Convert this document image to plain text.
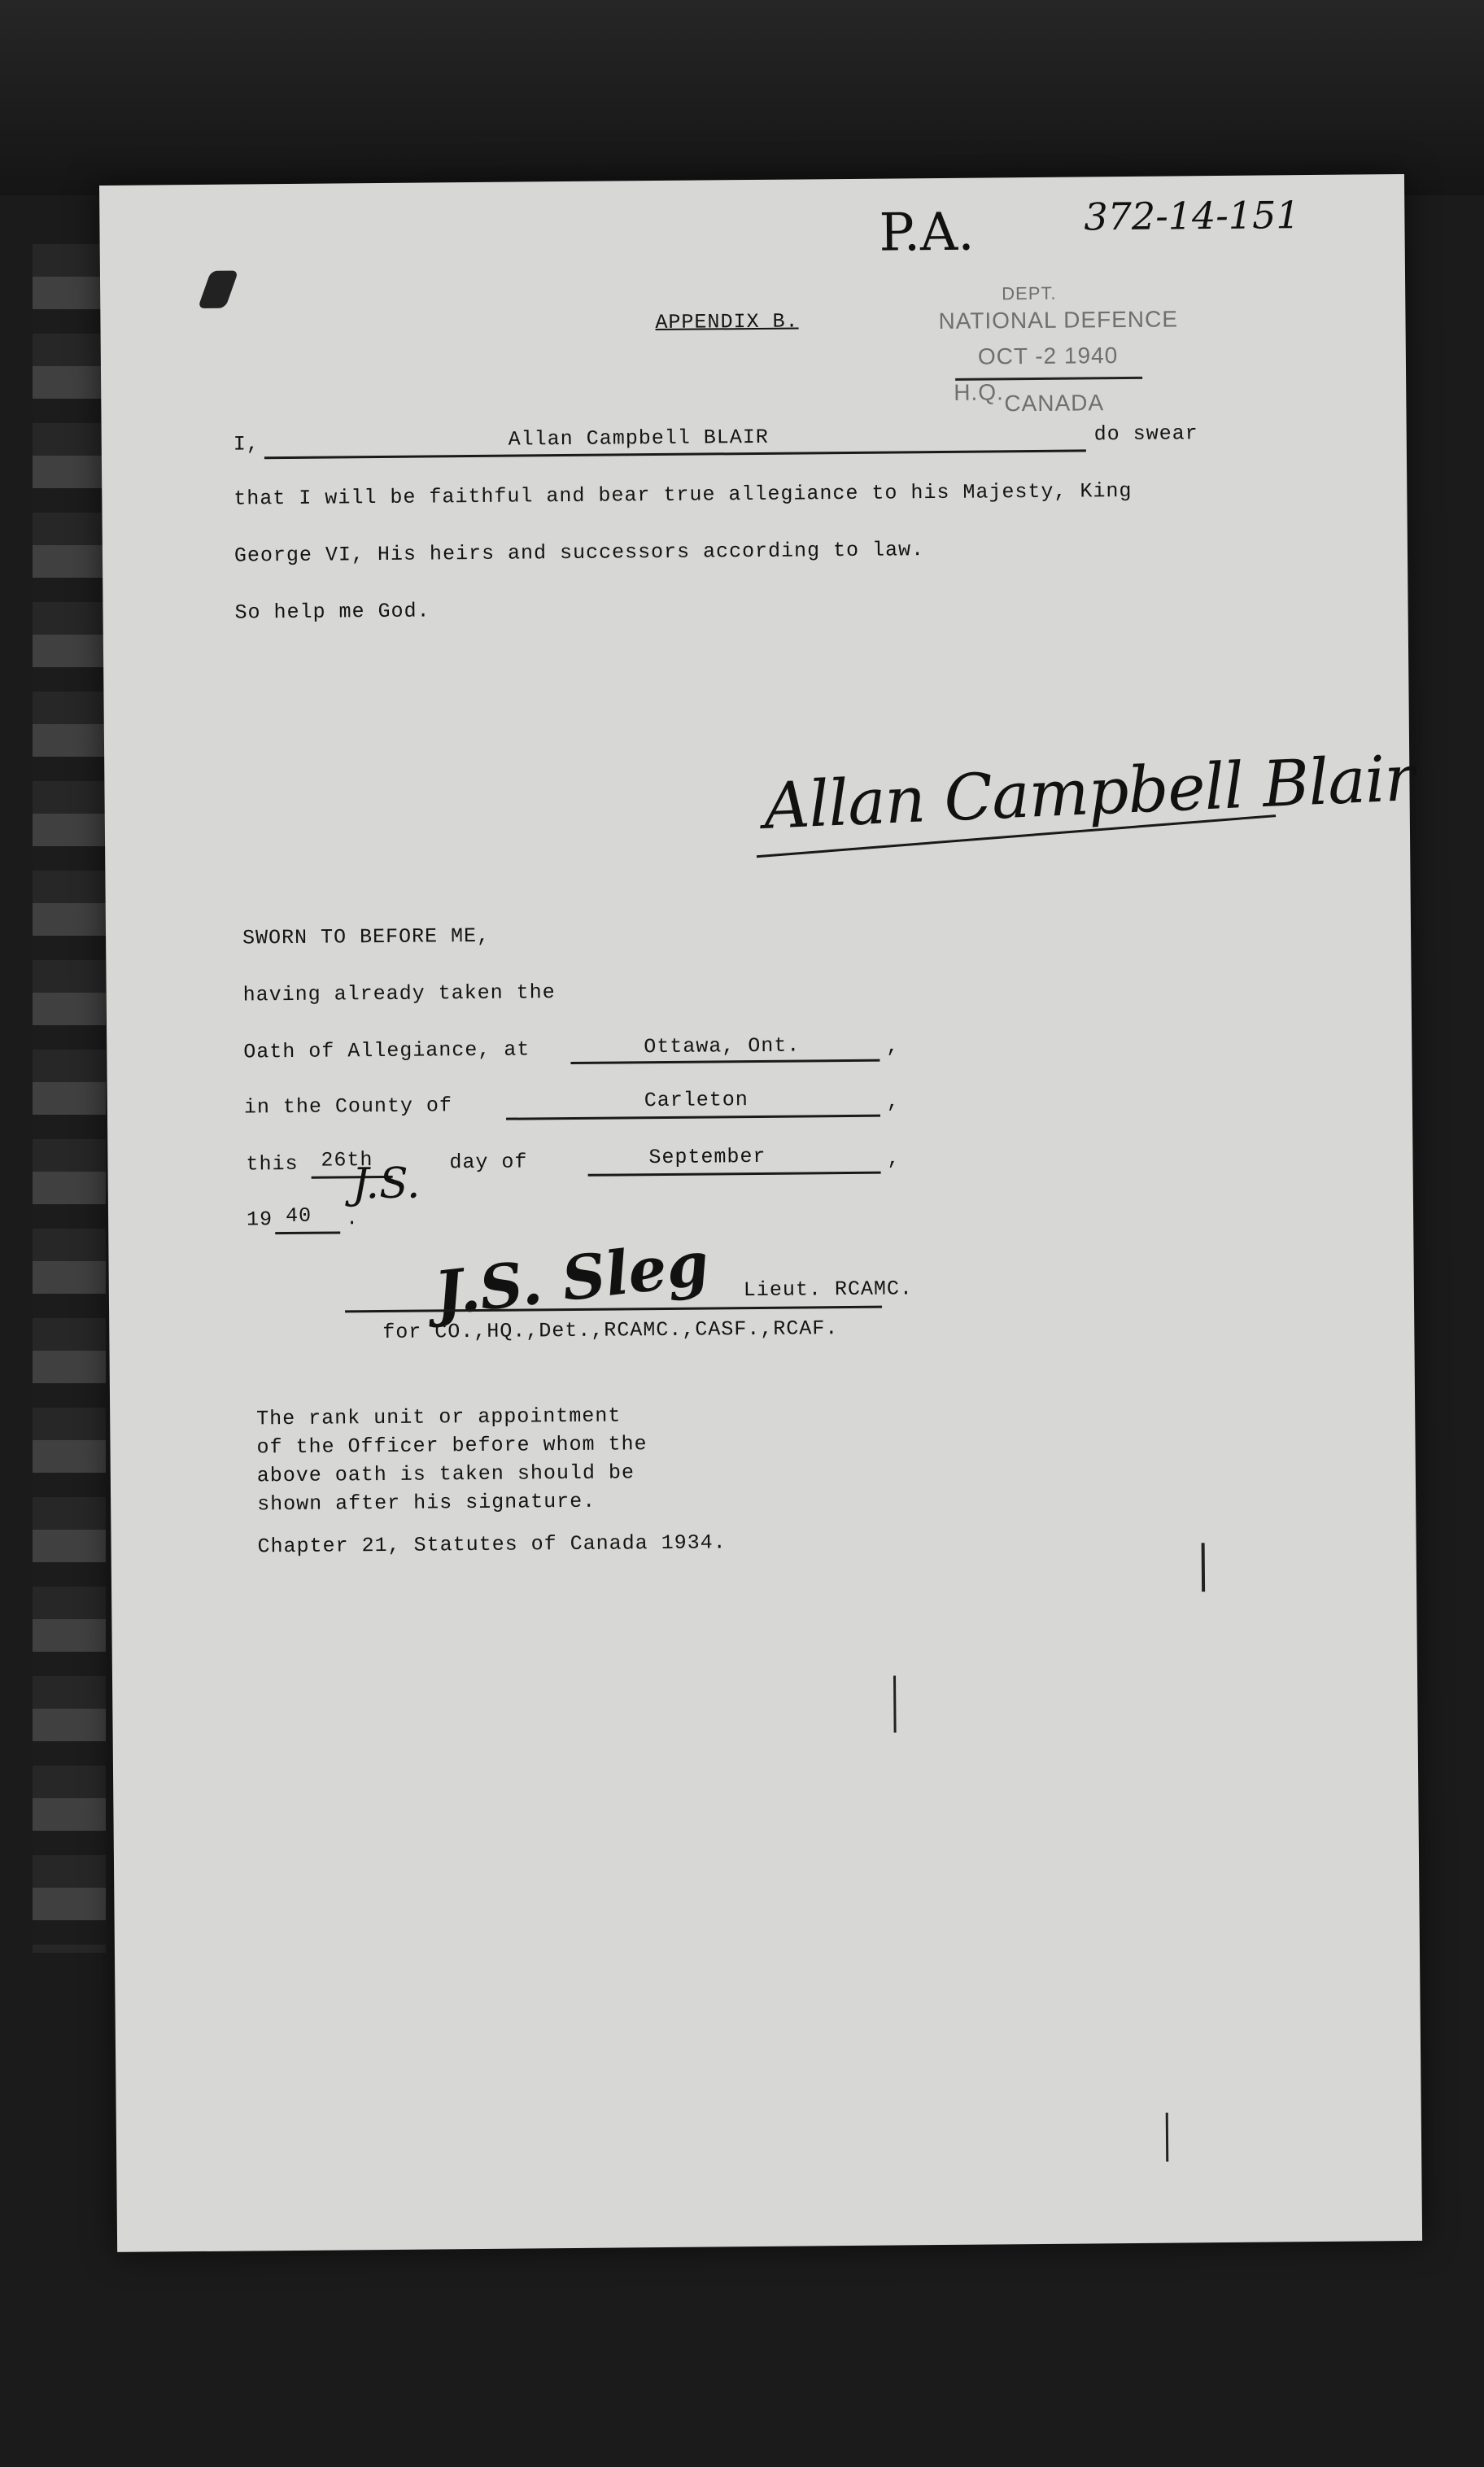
P.A.	372-14-151
APPENDIX B.
DEPT.
NATIONAL DEFENCE
OCT -2 1940
H.Q. CANADA
I,	Allan Campbell BLAIR	do swear
that I will be faithful and bear true allegiance to his Majesty, King
George VI, His heirs and successors according to law.
So help me God.
Allan Campbell Blair
SWORN TO BEFORE ME,
having already taken the
Oath of Allegiance, at	Ottawa, Ont.	,
in the County of	Carleton	,
this 26th
J.S. day of	September	,
19 40 .
J.S. Sleg Lieut. RCAMC.
for CO.,HQ.,Det.,RCAMC.,CASF.,RCAF.
The rank unit or appointment
of the Officer before whom the
above oath is taken should be
shown after his signature.
Chapter 21, Statutes of Canada 1934.
